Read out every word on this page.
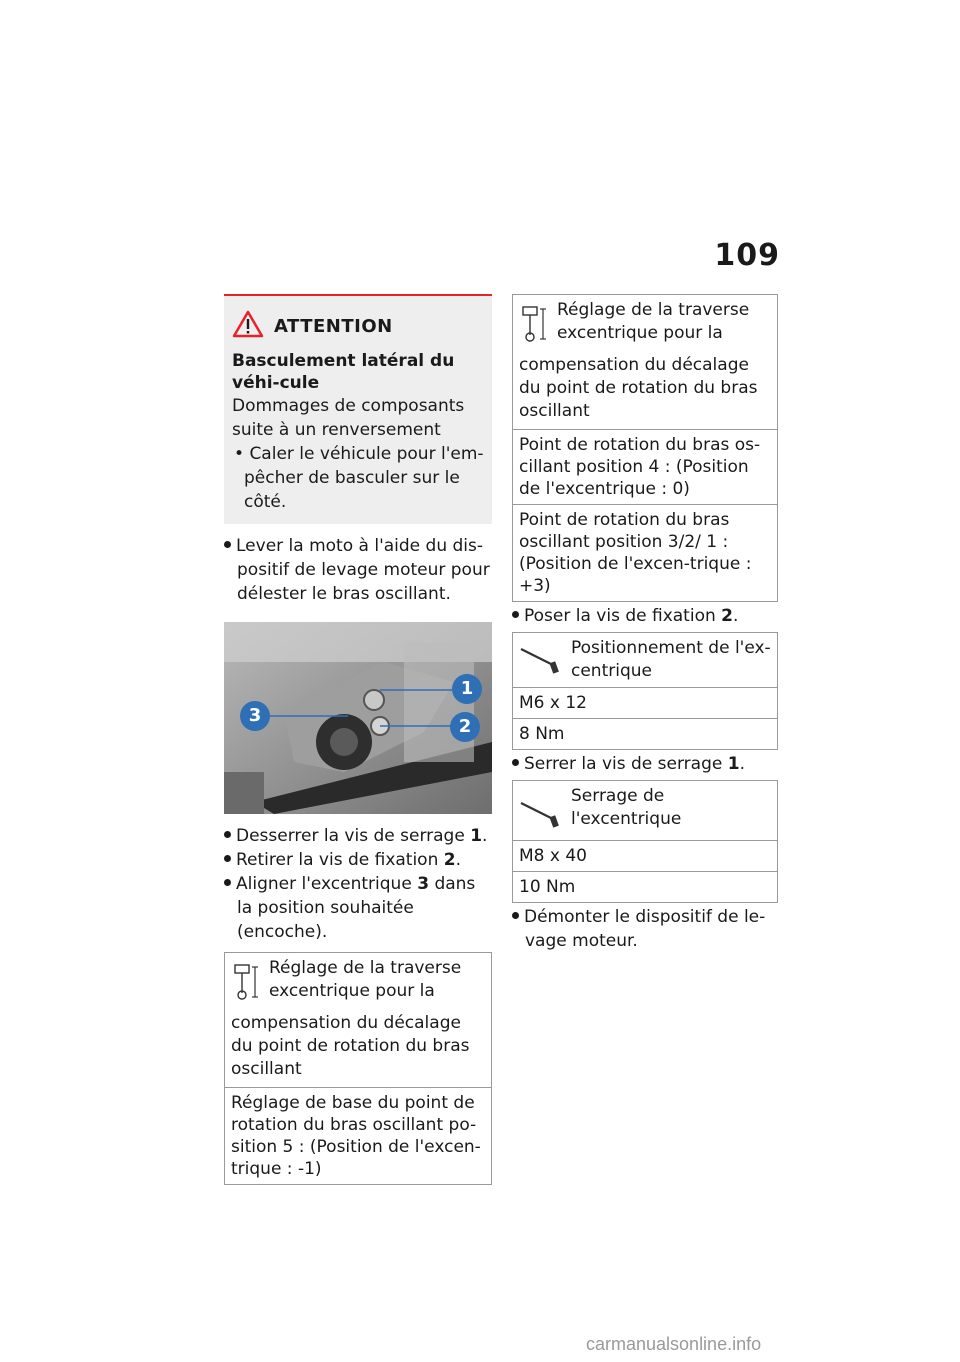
109
ATTENTION
Basculement latéral du véhi-cule
Dommages de composants suite à un renversement
• Caler le véhicule pour l'em-pêcher de basculer sur le côté.
Lever la moto à l'aide du dis-positif de levage moteur pour délester le bras oscillant.
1
2
3
Desserrer la vis de serrage 1.
Retirer la vis de fixation 2.
Aligner l'excentrique 3 dans la position souhaitée (encoche).
Réglage de la traverse excentrique pour la
compensation du décalage du point de rotation du bras oscillant
Réglage de base du point de rotation du bras oscillant po-sition 5 : (Position de l'excen-trique : -1)
Réglage de la traverse excentrique pour la
compensation du décalage du point de rotation du bras oscillant
Point de rotation du bras os-cillant position 4 : (Position de l'excentrique : 0)
Point de rotation du bras oscillant position 3/2/ 1 : (Position de l'excen-trique : +3)
Poser la vis de fixation 2.
Positionnement de l'ex-centrique
M6 x 12
8 Nm
Serrer la vis de serrage 1.
Serrage de l'excentrique
M8 x 40
10 Nm
Démonter le dispositif de le-vage moteur.
carmanualsonline.info
